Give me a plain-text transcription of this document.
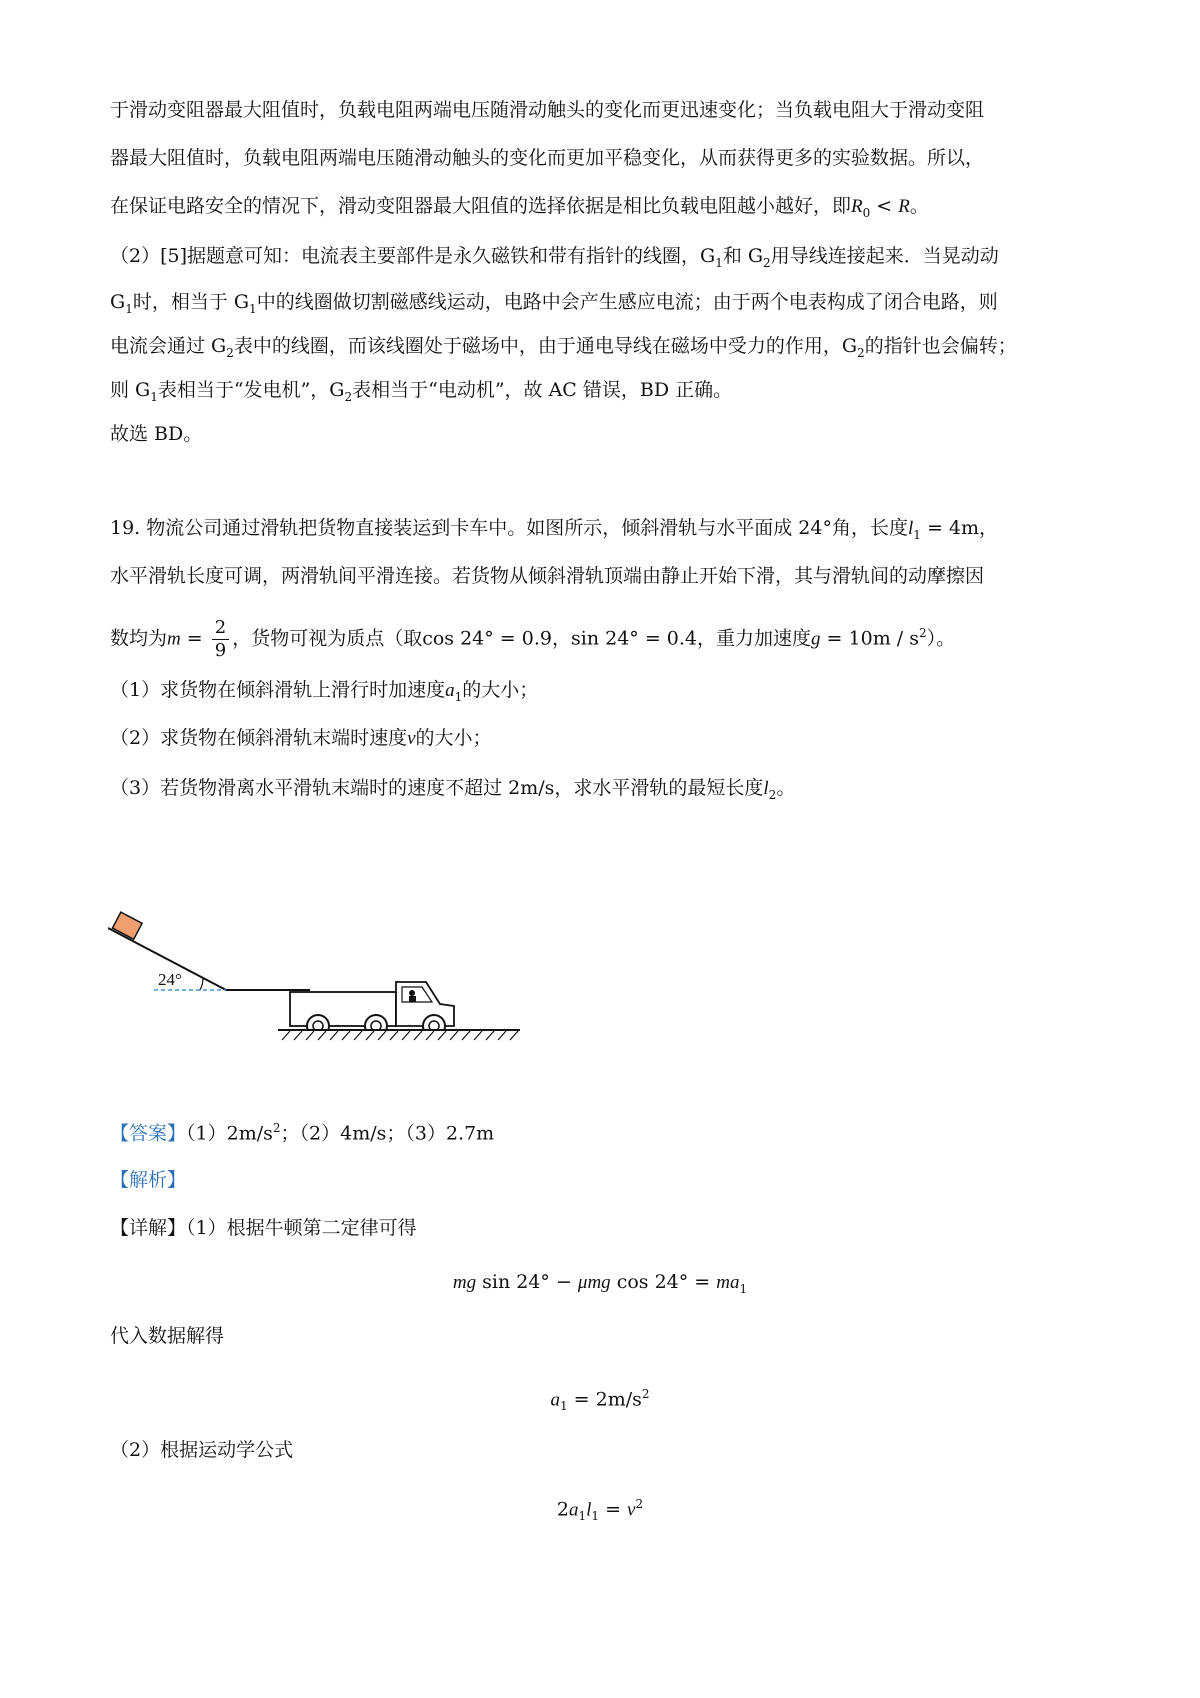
于滑动变阻器最大阻值时，负载电阻两端电压随滑动触头的变化而更迅速变化；当负载电阻大于滑动变阻
器最大阻值时，负载电阻两端电压随滑动触头的变化而更加平稳变化，从而获得更多的实验数据。所以，
在保证电路安全的情况下，滑动变阻器最大阻值的选择依据是相比负载电阻越小越好，即$R_0 < R$。
（2）[5]据题意可知：电流表主要部件是永久磁铁和带有指针的线圈，$G_1$和 $G_2$用导线连接起来．当晃动动
$G_1$时，相当于 $G_1$中的线圈做切割磁感线运动，电路中会产生感应电流；由于两个电表构成了闭合电路，则
电流会通过 $G_2$表中的线圈，而该线圈处于磁场中，由于通电导线在磁场中受力的作用，$G_2$的指针也会偏转；
则 $G_1$表相当于“发电机”，$G_2$表相当于“电动机”，故 AC 错误，BD 正确。
故选 BD。
19. 物流公司通过滑轨把货物直接装运到卡车中。如图所示，倾斜滑轨与水平面成 24°角，长度$l_1 = 4m$，
水平滑轨长度可调，两滑轨间平滑连接。若货物从倾斜滑轨顶端由静止开始下滑，其与滑轨间的动摩擦因
数均为$m = \frac{2}{9}$ ，货物可视为质点（取cos 24° = 0.9，sin 24° = 0.4，重力加速度$g = 10m / s^2$）。
（1）求货物在倾斜滑轨上滑行时加速度$a_1$的大小；
（2）求货物在倾斜滑轨末端时速度v的大小；
（3）若货物滑离水平滑轨末端时的速度不超过 2m/s，求水平滑轨的最短长度$l_2$。
24°
【答案】$(1)2m/s^2$；（2）4m/s；（3）2.7m
【解析】
【详解】（1）根据牛顿第二定律可得
mg sin 24° − μmg $\cos 24^\circ = ma_1$
代入数据解得
$a_1 = 2m/s^2$
（2）根据运动学公式
$2a_1l_1 = v^2$
